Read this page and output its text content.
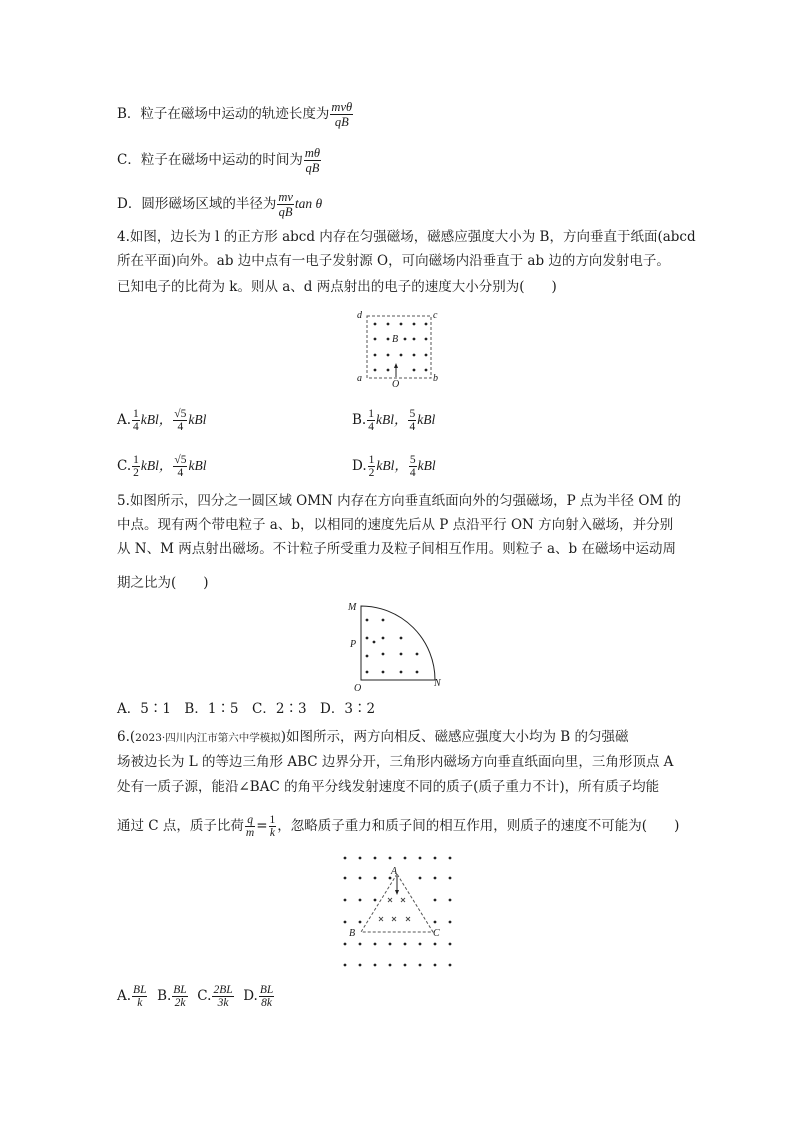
B．粒子在磁场中运动的轨迹长度为 $\frac{\text{mvθ}}{qB}$
C．粒子在磁场中运动的时间为 $\frac{m\theta}{qB}$
D．圆形磁场区域的半径为 $\frac{mv}{qB}$ tan θ
4.如图，边长为 l 的正方形 abcd 内存在匀强磁场，磁感应强度大小为 B，方向垂直于纸面(abcd
所在平面)向外。ab 边中点有一电子发射源 O，可向磁场内沿垂直于 ab 边的方向发射电子。
已知电子的比荷为 k。则从 a、d 两点射出的电子的速度大小分别为(　　)
d	c
a	b
B
O
A. $\frac{1}{4}$ kBl， $\frac{√5}{4}$ kBl	B. $\frac{1}{4}$ kBl， $\frac{5}{4}$ kBl
C. $\frac{1}{2}$ kBl， $\frac{√5}{4}$ kBl	D. $\frac{1}{2}$ kBl， $\frac{5}{4}$ kBl
5.如图所示，四分之一圆区域 OMN 内存在方向垂直纸面向外的匀强磁场，P 点为半径 OM 的
中点。现有两个带电粒子 a、b，以相同的速度先后从 P 点沿平行 ON 方向射入磁场，并分别
从 N、M 两点射出磁场。不计粒子所受重力及粒子间相互作用。则粒子 a、b 在磁场中运动周
期之比为(　　)
M
P
O	N
A．5∶1　B．1∶5　C．2∶3　D．3∶2
6.(2023·四川内江市第六中学模拟)如图所示，两方向相反、磁感应强度大小均为 B 的匀强磁
场被边长为 L 的等边三角形 ABC 边界分开，三角形内磁场方向垂直纸面向里，三角形顶点 A
处有一质子源，能沿∠BAC 的角平分线发射速度不同的质子(质子重力不计)，所有质子均能
通过 C 点，质子比荷 $\frac{q}{m} = \frac{1}{k}$ ，忽略质子重力和质子间的相互作用，则质子的速度不可能为(　　)
A
B	C
A. $\frac{BL}{k} B$. $\frac{BL}{2k} C$. $\frac{2BL}{3k} D$. $\frac{BL}{8k}$
